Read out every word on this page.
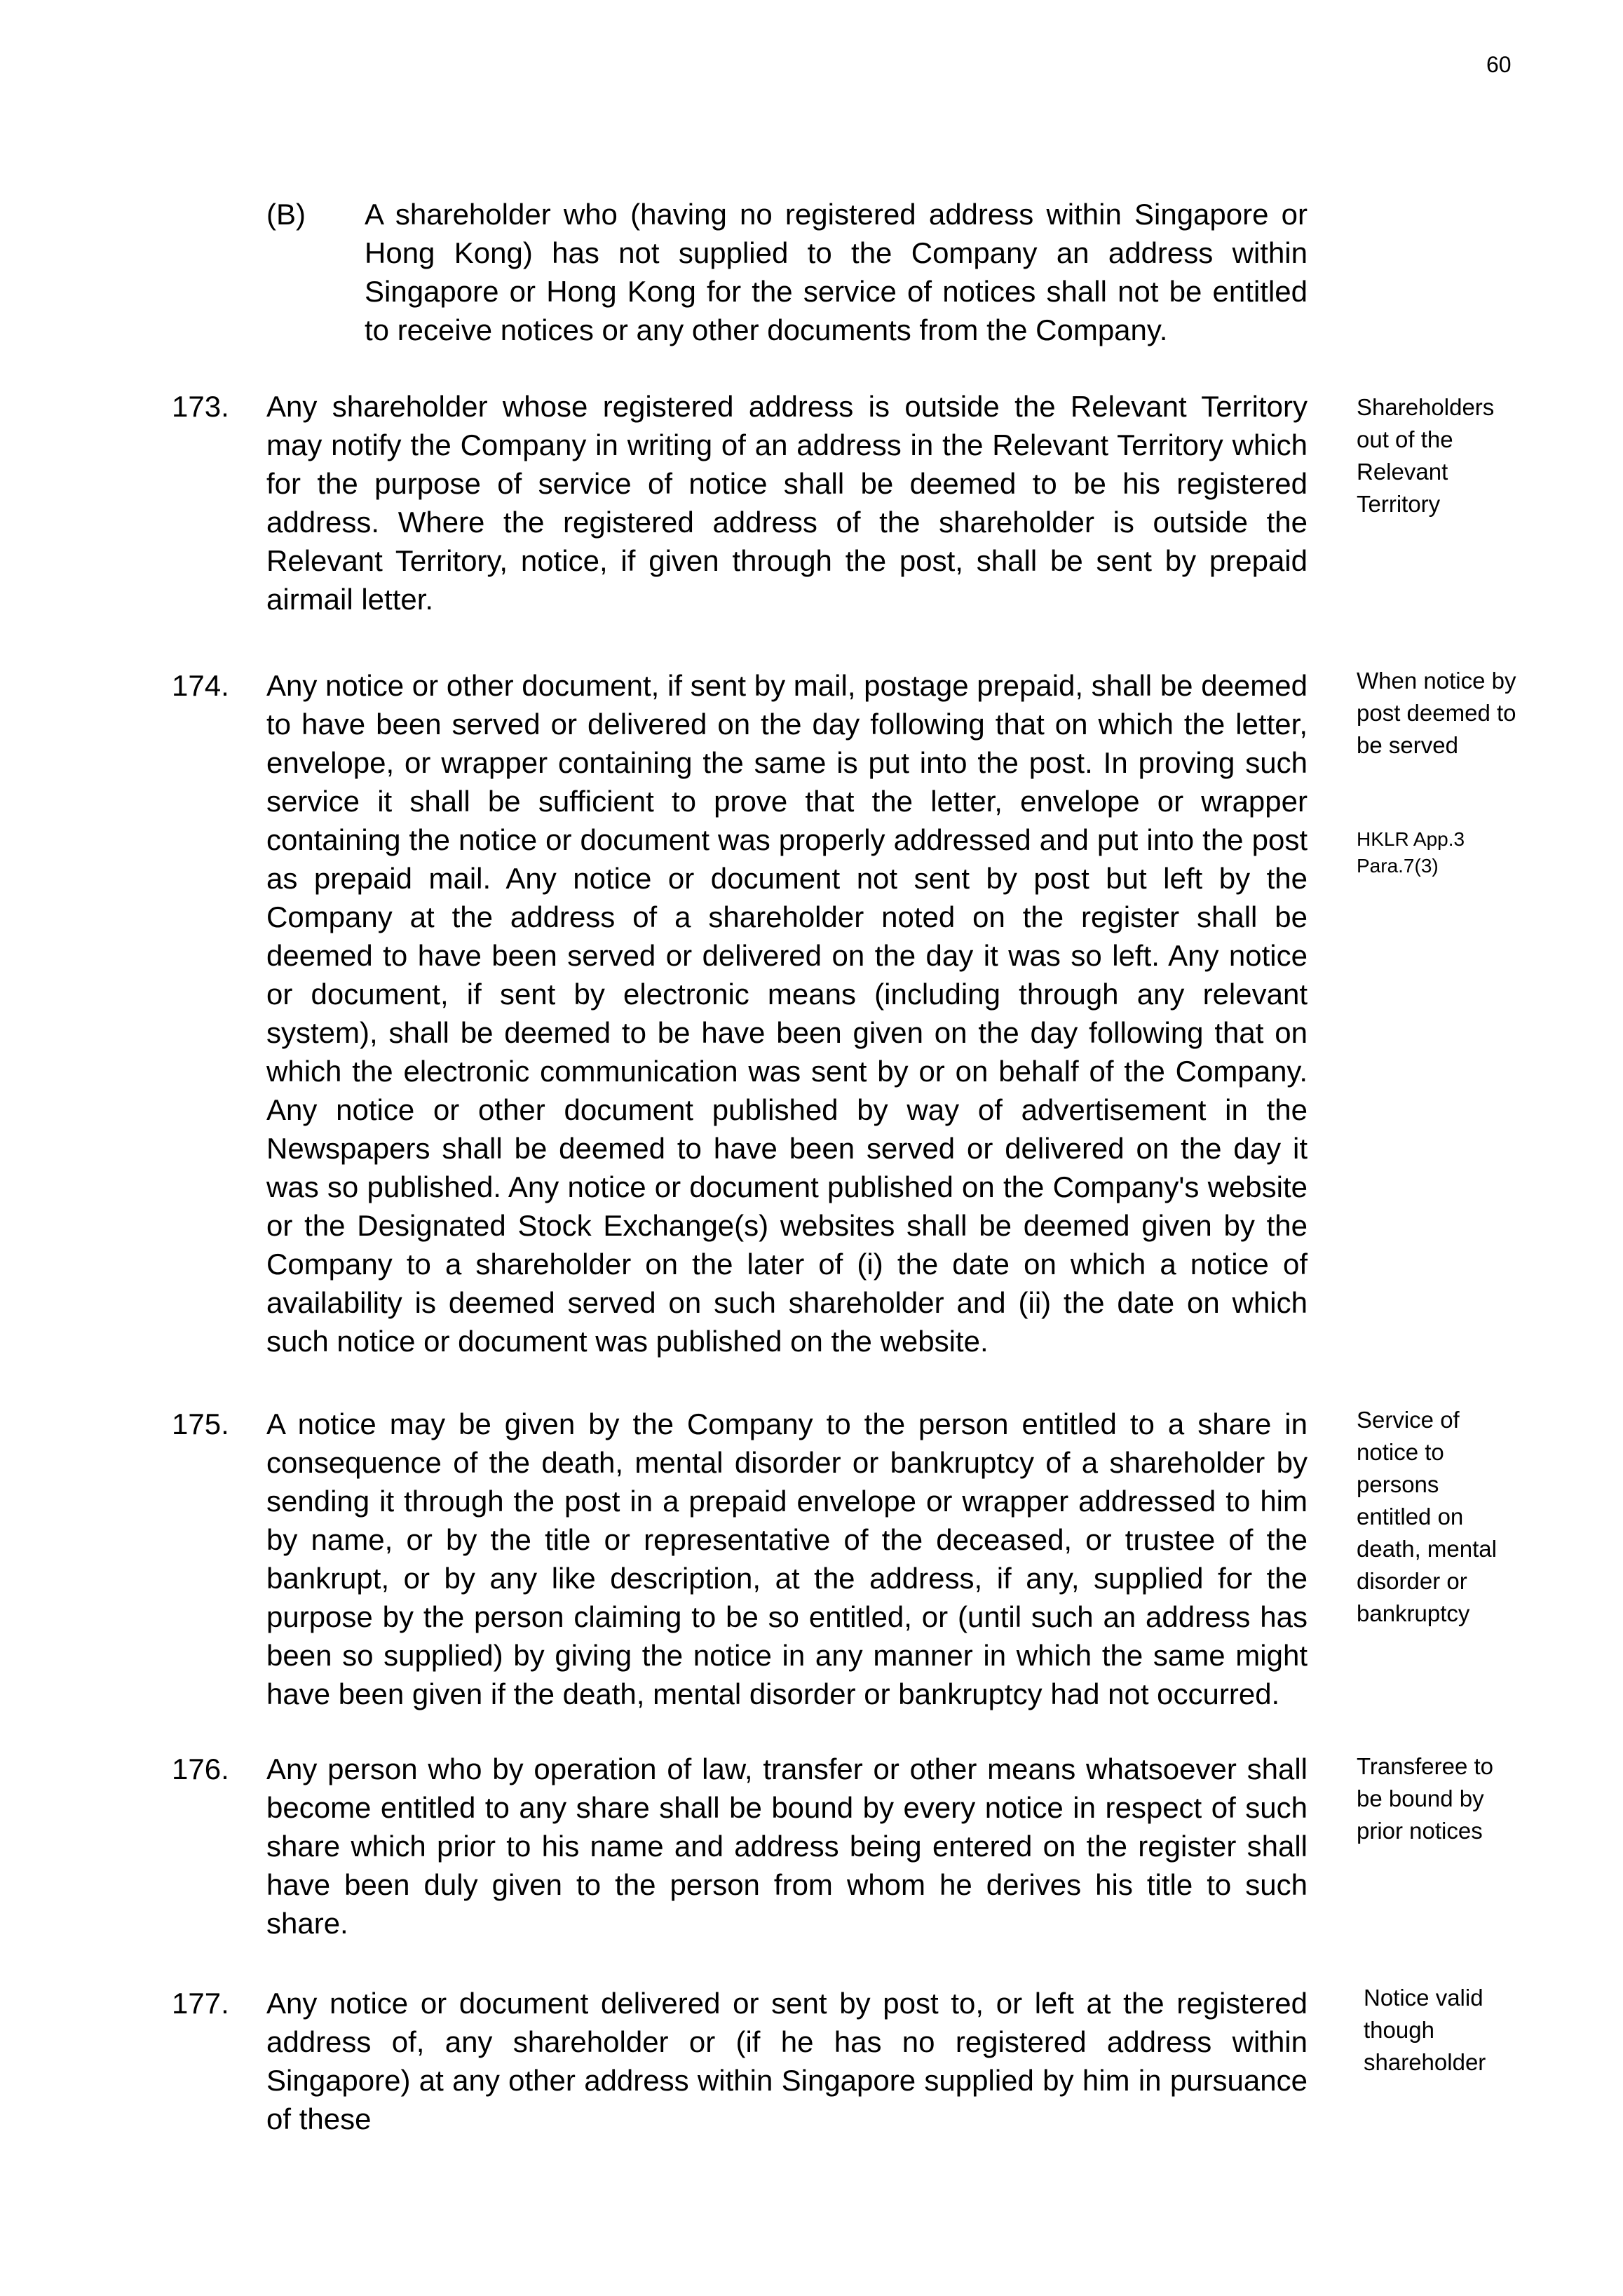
60
(B) A shareholder who (having no registered address within Singapore or Hong Kong) has not supplied to the Company an address within Singapore or Hong Kong for the service of notices shall not be entitled to receive notices or any other documents from the Company.
173. Any shareholder whose registered address is outside the Relevant Territory may notify the Company in writing of an address in the Relevant Territory which for the purpose of service of notice shall be deemed to be his registered address. Where the registered address of the shareholder is outside the Relevant Territory, notice, if given through the post, shall be sent by prepaid airmail letter.
Shareholders out of the Relevant Territory
174. Any notice or other document, if sent by mail, postage prepaid, shall be deemed to have been served or delivered on the day following that on which the letter, envelope, or wrapper containing the same is put into the post. In proving such service it shall be sufficient to prove that the letter, envelope or wrapper containing the notice or document was properly addressed and put into the post as prepaid mail. Any notice or document not sent by post but left by the Company at the address of a shareholder noted on the register shall be deemed to have been served or delivered on the day it was so left. Any notice or document, if sent by electronic means (including through any relevant system), shall be deemed to be have been given on the day following that on which the electronic communication was sent by or on behalf of the Company. Any notice or other document published by way of advertisement in the Newspapers shall be deemed to have been served or delivered on the day it was so published. Any notice or document published on the Company's website or the Designated Stock Exchange(s) websites shall be deemed given by the Company to a shareholder on the later of (i) the date on which a notice of availability is deemed served on such shareholder and (ii) the date on which such notice or document was published on the website.
When notice by post deemed to be served
HKLR App.3
Para.7(3)
175. A notice may be given by the Company to the person entitled to a share in consequence of the death, mental disorder or bankruptcy of a shareholder by sending it through the post in a prepaid envelope or wrapper addressed to him by name, or by the title or representative of the deceased, or trustee of the bankrupt, or by any like description, at the address, if any, supplied for the purpose by the person claiming to be so entitled, or (until such an address has been so supplied) by giving the notice in any manner in which the same might have been given if the death, mental disorder or bankruptcy had not occurred.
Service of notice to persons entitled on death, mental disorder or bankruptcy
176. Any person who by operation of law, transfer or other means whatsoever shall become entitled to any share shall be bound by every notice in respect of such share which prior to his name and address being entered on the register shall have been duly given to the person from whom he derives his title to such share.
Transferee to be bound by prior notices
177. Any notice or document delivered or sent by post to, or left at the registered address of, any shareholder or (if he has no registered address within Singapore) at any other address within Singapore supplied by him in pursuance of these
Notice valid though shareholder
